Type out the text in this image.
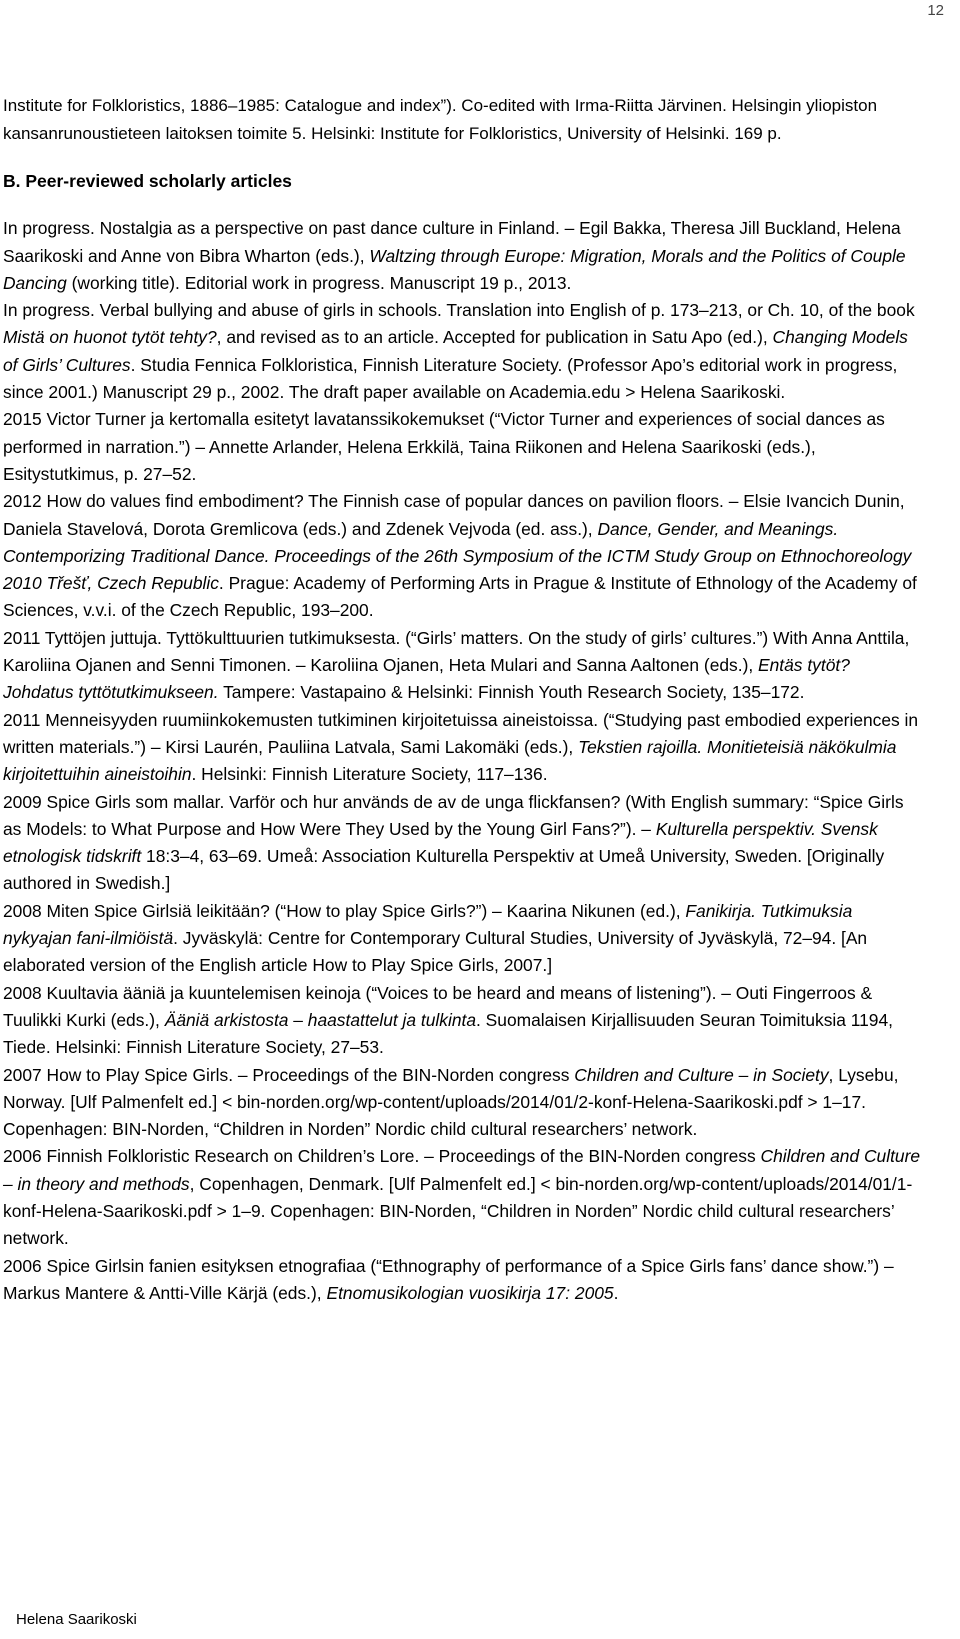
12

Institute for Folkloristics, 1886–1985: Catalogue and index”). Co-edited with Irma-Riitta Järvinen. Helsingin yliopiston kansanrunoustieteen laitoksen toimite 5. Helsinki: Institute for Folkloristics, University of Helsinki. 169 p.

B. Peer-reviewed scholarly articles

In progress. Nostalgia as a perspective on past dance culture in Finland. – Egil Bakka, Theresa Jill Buckland, Helena Saarikoski and Anne von Bibra Wharton (eds.), Waltzing through Europe: Migration, Morals and the Politics of Couple Dancing (working title). Editorial work in progress. Manuscript 19 p., 2013.

In progress. Verbal bullying and abuse of girls in schools. Translation into English of p. 173–213, or Ch. 10, of the book Mistä on huonot tytöt tehty?, and revised as to an article. Accepted for publication in Satu Apo (ed.), Changing Models of Girls’ Cultures. Studia Fennica Folkloristica, Finnish Literature Society. (Professor Apo’s editorial work in progress, since 2001.) Manuscript 29 p., 2002. The draft paper available on Academia.edu > Helena Saarikoski.

2015 Victor Turner ja kertomalla esitetyt lavatanssikokemukset (“Victor Turner and experiences of social dances as performed in narration.”) – Annette Arlander, Helena Erkkilä, Taina Riikonen and Helena Saarikoski (eds.), Esitystutkimus, p. 27–52.

2012 How do values find embodiment? The Finnish case of popular dances on pavilion floors. – Elsie Ivancich Dunin, Daniela Stavelová, Dorota Gremlicova (eds.) and Zdenek Vejvoda (ed. ass.), Dance, Gender, and Meanings. Contemporizing Traditional Dance. Proceedings of the 26th Symposium of the ICTM Study Group on Ethnochoreology 2010 Třešť, Czech Republic. Prague: Academy of Performing Arts in Prague & Institute of Ethnology of the Academy of Sciences, v.v.i. of the Czech Republic, 193–200.

2011 Tyttöjen juttuja. Tyttökulttuurien tutkimuksesta. (“Girls’ matters. On the study of girls’ cultures.”) With Anna Anttila, Karoliina Ojanen and Senni Timonen. – Karoliina Ojanen, Heta Mulari and Sanna Aaltonen (eds.), Entäs tytöt? Johdatus tyttötutkimukseen. Tampere: Vastapaino & Helsinki: Finnish Youth Research Society, 135–172.

2011 Menneisyyden ruumiinkokemusten tutkiminen kirjoitetuissa aineistoissa. (“Studying past embodied experiences in written materials.”) – Kirsi Laurén, Pauliina Latvala, Sami Lakomäki (eds.), Tekstien rajoilla. Monitieteisiä näkökulmia kirjoitettuihin aineistoihin. Helsinki: Finnish Literature Society, 117–136.

2009 Spice Girls som mallar. Varför och hur används de av de unga flickfansen? (With English summary: “Spice Girls as Models: to What Purpose and How Were They Used by the Young Girl Fans?”). – Kulturella perspektiv. Svensk etnologisk tidskrift 18:3–4, 63–69. Umeå: Association Kulturella Perspektiv at Umeå University, Sweden. [Originally authored in Swedish.]

2008 Miten Spice Girlsiä leikitään? (“How to play Spice Girls?”) – Kaarina Nikunen (ed.), Fanikirja. Tutkimuksia nykyajan fani-ilmiöistä. Jyväskylä: Centre for Contemporary Cultural Studies, University of Jyväskylä, 72–94. [An elaborated version of the English article How to Play Spice Girls, 2007.]

2008 Kuultavia ääniä ja kuuntelemisen keinoja (“Voices to be heard and means of listening”). – Outi Fingerroos & Tuulikki Kurki (eds.), Ääniä arkistosta – haastattelut ja tulkinta. Suomalaisen Kirjallisuuden Seuran Toimituksia 1194, Tiede. Helsinki: Finnish Literature Society, 27–53.

2007 How to Play Spice Girls. – Proceedings of the BIN-Norden congress Children and Culture – in Society, Lysebu, Norway. [Ulf Palmenfelt ed.] < bin-norden.org/wp-content/uploads/2014/01/2-konf-Helena-Saarikoski.pdf > 1–17. Copenhagen: BIN-Norden, “Children in Norden” Nordic child cultural researchers’ network.

2006 Finnish Folkloristic Research on Children’s Lore. – Proceedings of the BIN-Norden congress Children and Culture – in theory and methods, Copenhagen, Denmark. [Ulf Palmenfelt ed.] < bin-norden.org/wp-content/uploads/2014/01/1-konf-Helena-Saarikoski.pdf > 1–9. Copenhagen: BIN-Norden, “Children in Norden” Nordic child cultural researchers’ network.

2006 Spice Girlsin fanien esityksen etnografiaa (“Ethnography of performance of a Spice Girls fans’ dance show.”) – Markus Mantere & Antti-Ville Kärjä (eds.), Etnomusikologian vuosikirja 17: 2005.

Helena Saarikoski
